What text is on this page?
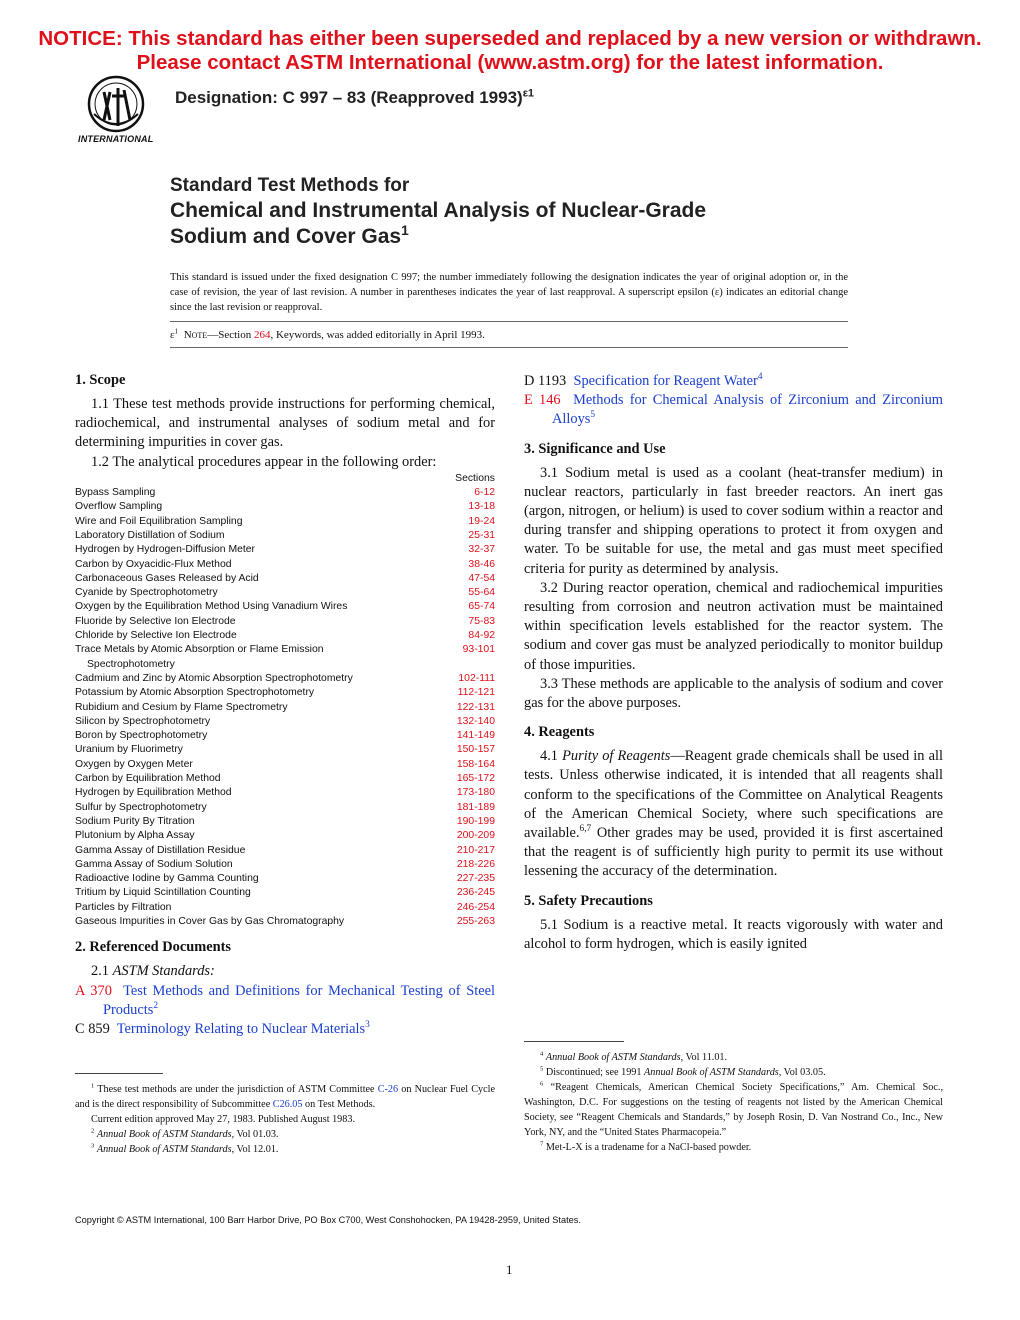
NOTICE: This standard has either been superseded and replaced by a new version or withdrawn.
Please contact ASTM International (www.astm.org) for the latest information.
INTERNATIONAL
Designation: C 997 – 83 (Reapproved 1993)$^{\varepsilon 1}$
Standard Test Methods for
Chemical and Instrumental Analysis of Nuclear-Grade
Sodium and Cover Gas$^1$
This standard is issued under the fixed designation C 997; the number immediately following the designation indicates the year of original adoption or, in the case of revision, the year of last revision. A number in parentheses indicates the year of last reapproval. A superscript epsilon (ε) indicates an editorial change since the last revision or reapproval.
$\varepsilon^1$ Note—Section 264, Keywords, was added editorially in April 1993.
1. Scope
1.1 These test methods provide instructions for performing chemical, radiochemical, and instrumental analyses of sodium metal and for determining impurities in cover gas.
1.2 The analytical procedures appear in the following order:
Sections
Bypass Sampling	6-12
Overflow Sampling	13-18
Wire and Foil Equilibration Sampling	19-24
Laboratory Distillation of Sodium	25-31
Hydrogen by Hydrogen-Diffusion Meter	32-37
Carbon by Oxyacidic-Flux Method	38-46
Carbonaceous Gases Released by Acid	47-54
Cyanide by Spectrophotometry	55-64
Oxygen by the Equilibration Method Using Vanadium Wires	65-74
Fluoride by Selective Ion Electrode	75-83
Chloride by Selective Ion Electrode	84-92
Trace Metals by Atomic Absorption or Flame Emission	93-101
Spectrophotometry
Cadmium and Zinc by Atomic Absorption Spectrophotometry	102-111
Potassium by Atomic Absorption Spectrophotometry	112-121
Rubidium and Cesium by Flame Spectrometry	122-131
Silicon by Spectrophotometry	132-140
Boron by Spectrophotometry	141-149
Uranium by Fluorimetry	150-157
Oxygen by Oxygen Meter	158-164
Carbon by Equilibration Method	165-172
Hydrogen by Equilibration Method	173-180
Sulfur by Spectrophotometry	181-189
Sodium Purity By Titration	190-199
Plutonium by Alpha Assay	200-209
Gamma Assay of Distillation Residue	210-217
Gamma Assay of Sodium Solution	218-226
Radioactive Iodine by Gamma Counting	227-235
Tritium by Liquid Scintillation Counting	236-245
Particles by Filtration	246-254
Gaseous Impurities in Cover Gas by Gas Chromatography	255-263
2. Referenced Documents
2.1 ASTM Standards:
A 370 Test Methods and Definitions for Mechanical Testing of Steel Products$^2$
C 859 Terminology Relating to Nuclear Materials$^3$
$^1$ These test methods are under the jurisdiction of ASTM Committee C-26 on Nuclear Fuel Cycle and is the direct responsibility of Subcommittee C26.05 on Test Methods.
Current edition approved May 27, 1983. Published August 1983.
$^2$ Annual Book of ASTM Standards, Vol 01.03.
$^3$ Annual Book of ASTM Standards, Vol 12.01.
D 1193 Specification for Reagent Water$^4$
E 146 Methods for Chemical Analysis of Zirconium and Zirconium Alloys$^5$
3. Significance and Use
3.1 Sodium metal is used as a coolant (heat-transfer medium) in nuclear reactors, particularly in fast breeder reactors. An inert gas (argon, nitrogen, or helium) is used to cover sodium within a reactor and during transfer and shipping operations to protect it from oxygen and water. To be suitable for use, the metal and gas must meet specified criteria for purity as determined by analysis.
3.2 During reactor operation, chemical and radiochemical impurities resulting from corrosion and neutron activation must be maintained within specification levels established for the reactor system. The sodium and cover gas must be analyzed periodically to monitor buildup of those impurities.
3.3 These methods are applicable to the analysis of sodium and cover gas for the above purposes.
4. Reagents
4.1 Purity of Reagents—Reagent grade chemicals shall be used in all tests. Unless otherwise indicated, it is intended that all reagents shall conform to the specifications of the Committee on Analytical Reagents of the American Chemical Society, where such specifications are available.$^{6,7}$ Other grades may be used, provided it is first ascertained that the reagent is of sufficiently high purity to permit its use without lessening the accuracy of the determination.
5. Safety Precautions
5.1 Sodium is a reactive metal. It reacts vigorously with water and alcohol to form hydrogen, which is easily ignited
$^4$ Annual Book of ASTM Standards, Vol 11.01.
$^5$ Discontinued; see 1991 Annual Book of ASTM Standards, Vol 03.05.
$^6$ “Reagent Chemicals, American Chemical Society Specifications,” Am. Chemical Soc., Washington, D.C. For suggestions on the testing of reagents not listed by the American Chemical Society, see “Reagent Chemicals and Standards,” by Joseph Rosin, D. Van Nostrand Co., Inc., New York, NY, and the “United States Pharmacopeia.”
$^7$ Met-L-X is a tradename for a NaCl-based powder.
Copyright © ASTM International, 100 Barr Harbor Drive, PO Box C700, West Conshohocken, PA 19428-2959, United States.
1
